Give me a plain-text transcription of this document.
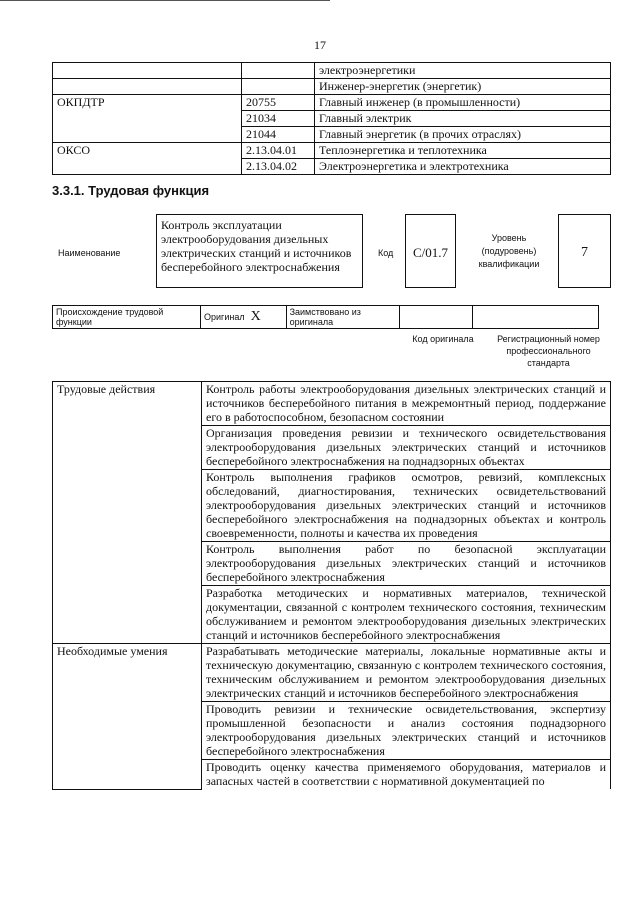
17
		электроэнергетики
		Инженер-энергетик (энергетик)
ОКПДТР	20755	Главный инженер (в промышленности)
	21034	Главный электрик
	21044	Главный энергетик (в прочих отраслях)
ОКСО	2.13.04.01	Теплоэнергетика и теплотехника
	2.13.04.02	Электроэнергетика и электротехника
3.3.1. Трудовая функция
Наименование
Контроль эксплуатации электрооборудования дизельных электрических станций и источников бесперебойного электроснабжения
Код	C/01.7
Уровень (подуровень) квалификации
7
Происхождение трудовой функции	Оригинал	X	Заимствовано из оригинала		
Код оригинала	Регистрационный номер профессионального стандарта
Трудовые действия	Контроль работы электрооборудования дизельных электрических станций и источников бесперебойного питания в межремонтный период, поддержание его в работоспособном, безопасном состоянии
	Организация проведения ревизии и технического освидетельствования электрооборудования дизельных электрических станций и источников бесперебойного электроснабжения на поднадзорных объектах
	Контроль выполнения графиков осмотров, ревизий, комплексных обследований, диагностирования, технических освидетельствований электрооборудования дизельных электрических станций и источников бесперебойного электроснабжения на поднадзорных объектах и контроль своевременности, полноты и качества их проведения
	Контроль выполнения работ по безопасной эксплуатации электрооборудования дизельных электрических станций и источников бесперебойного электроснабжения
	Разработка методических и нормативных материалов, технической документации, связанной с контролем технического состояния, техническим обслуживанием и ремонтом электрооборудования дизельных электрических станций и источников бесперебойного электроснабжения
Необходимые умения	Разрабатывать методические материалы, локальные нормативные акты и техническую документацию, связанную с контролем технического состояния, техническим обслуживанием и ремонтом электрооборудования дизельных электрических станций и источников бесперебойного электроснабжения
	Проводить ревизии и технические освидетельствования, экспертизу промышленной безопасности и анализ состояния поднадзорного электрооборудования дизельных электрических станций и источников бесперебойного электроснабжения
	Проводить оценку качества применяемого оборудования, материалов и запасных частей в соответствии с нормативной документацией по
